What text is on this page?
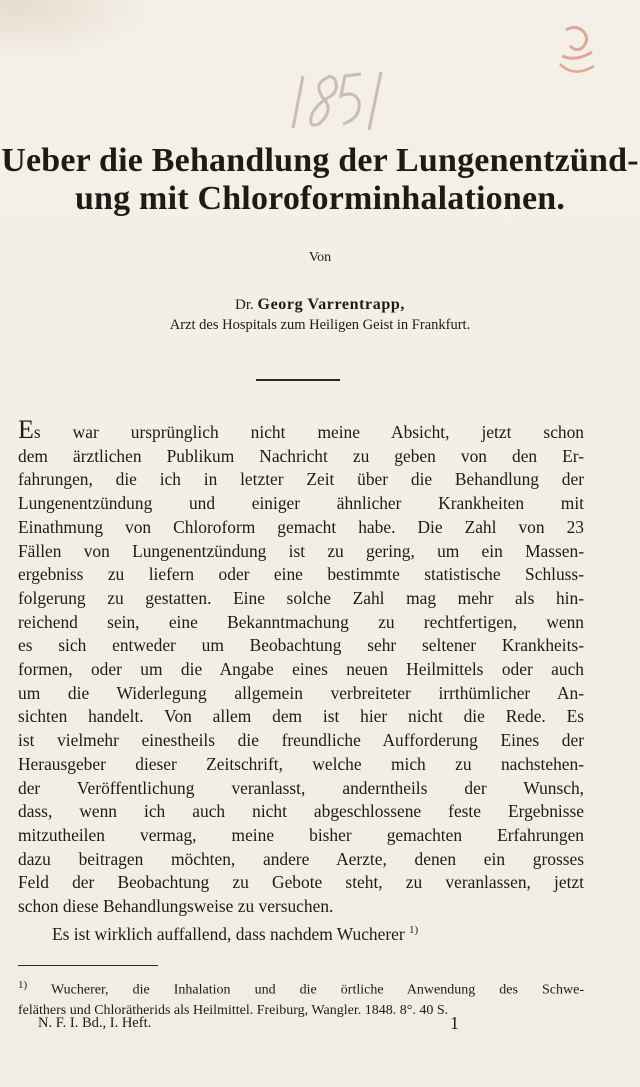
Ueber die Behandlung der Lungenentzünd-
ung mit Chloroforminhalationen.
Von
Dr. Georg Varrentrapp,
Arzt des Hospitals zum Heiligen Geist in Frankfurt.
Es war ursprünglich nicht meine Absicht, jetzt schon
dem ärztlichen Publikum Nachricht zu geben von den Er-
fahrungen, die ich in letzter Zeit über die Behandlung der
Lungenentzündung und einiger ähnlicher Krankheiten mit
Einathmung von Chloroform gemacht habe. Die Zahl von 23
Fällen von Lungenentzündung ist zu gering, um ein Massen-
ergebniss zu liefern oder eine bestimmte statistische Schluss-
folgerung zu gestatten. Eine solche Zahl mag mehr als hin-
reichend sein, eine Bekanntmachung zu rechtfertigen, wenn
es sich entweder um Beobachtung sehr seltener Krankheits-
formen, oder um die Angabe eines neuen Heilmittels oder auch
um die Widerlegung allgemein verbreiteter irrthümlicher An-
sichten handelt. Von allem dem ist hier nicht die Rede. Es
ist vielmehr einestheils die freundliche Aufforderung Eines der
Herausgeber dieser Zeitschrift, welche mich zu nachstehen-
der Veröffentlichung veranlasst, anderntheils der Wunsch,
dass, wenn ich auch nicht abgeschlossene feste Ergebnisse
mitzutheilen vermag, meine bisher gemachten Erfahrungen
dazu beitragen möchten, andere Aerzte, denen ein grosses
Feld der Beobachtung zu Gebote steht, zu veranlassen, jetzt
schon diese Behandlungsweise zu versuchen.
Es ist wirklich auffallend, dass nachdem Wucherer $^{1)}$
$^{1)}$ Wucherer, die Inhalation und die örtliche Anwendung des Schwe-
feläthers und Chlorätherids als Heilmittel. Freiburg, Wangler. 1848. 8°. 40 S.
N. F. I. Bd., I. Heft.	1
